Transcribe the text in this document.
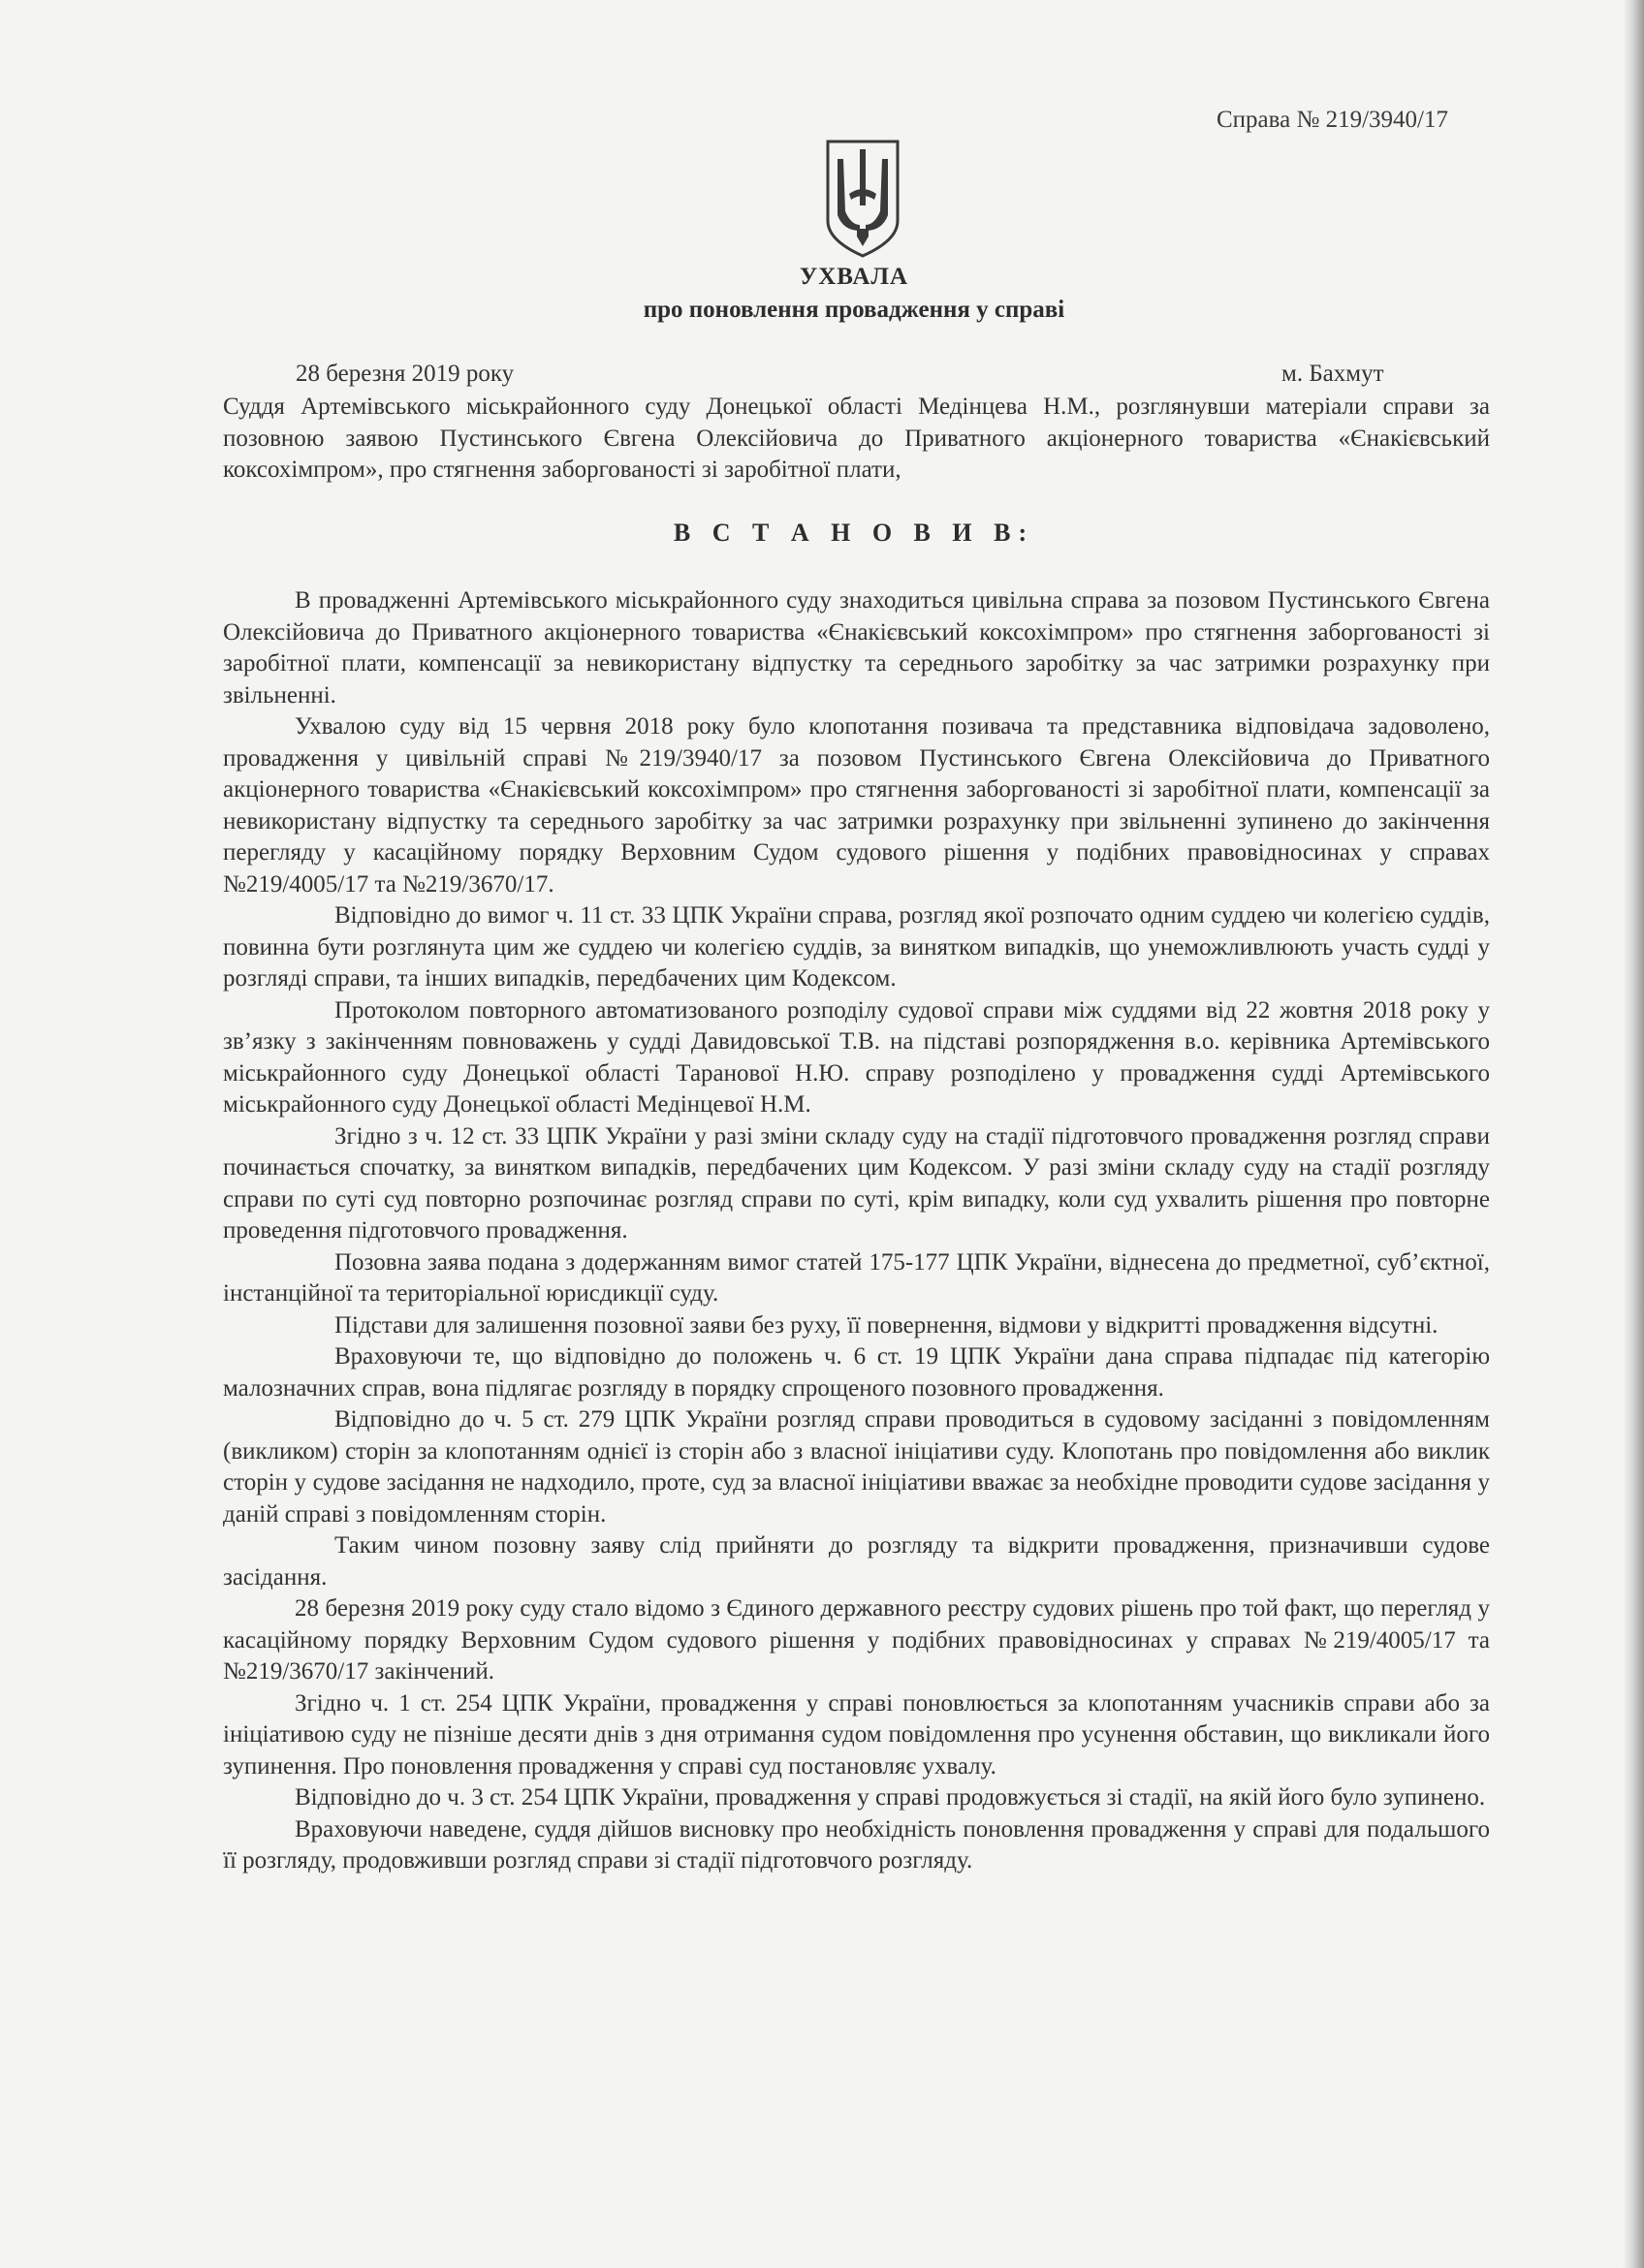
Справа № 219/3940/17
УХВАЛА
про поновлення провадження у справі
28 березня 2019 року	м. Бахмут
Суддя Артемівського міськрайонного суду Донецької області Медінцева Н.М., розглянувши матеріали справи за позовною заявою Пустинського Євгена Олексійовича до Приватного акціонерного товариства «Єнакієвський коксохімпром», про стягнення заборгованості зі заробітної плати,
В С Т А Н О В И В:

В провадженні Артемівського міськрайонного суду знаходиться цивільна справа за позовом Пустинського Євгена Олексійовича до Приватного акціонерного товариства «Єнакієвський коксохімпром» про стягнення заборгованості зі заробітної плати, компенсації за невикористану відпустку та середнього заробітку за час затримки розрахунку при звільненні.

Ухвалою суду від 15 червня 2018 року було клопотання позивача та представника відповідача задоволено, провадження у цивільній справі №219/3940/17 за позовом Пустинського Євгена Олексійовича до Приватного акціонерного товариства «Єнакієвський коксохімпром» про стягнення заборгованості зі заробітної плати, компенсації за невикористану відпустку та середнього заробітку за час затримки розрахунку при звільненні зупинено до закінчення перегляду у касаційному порядку Верховним Судом судового рішення у подібних правовідносинах у справах №219/4005/17 та №219/3670/17.

Відповідно до вимог ч. 11 ст. 33 ЦПК України справа, розгляд якої розпочато одним суддею чи колегією суддів, повинна бути розглянута цим же суддею чи колегією суддів, за винятком випадків, що унеможливлюють участь судді у розгляді справи, та інших випадків, передбачених цим Кодексом.

Протоколом повторного автоматизованого розподілу судової справи між суддями від 22 жовтня 2018 року у зв’язку з закінченням повноважень у судді Давидовської Т.В. на підставі розпорядження в.о. керівника Артемівського міськрайонного суду Донецької області Таранової Н.Ю. справу розподілено у провадження судді Артемівського міськрайонного суду Донецької області Медінцевої Н.М.

Згідно з ч. 12 ст. 33 ЦПК України у разі зміни складу суду на стадії підготовчого провадження розгляд справи починається спочатку, за винятком випадків, передбачених цим Кодексом. У разі зміни складу суду на стадії розгляду справи по суті суд повторно розпочинає розгляд справи по суті, крім випадку, коли суд ухвалить рішення про повторне проведення підготовчого провадження.

Позовна заява подана з додержанням вимог статей 175-177 ЦПК України, віднесена до предметної, суб’єктної, інстанційної та територіальної юрисдикції суду.

Підстави для залишення позовної заяви без руху, її повернення, відмови у відкритті провадження відсутні.

Враховуючи те, що відповідно до положень ч. 6 ст. 19 ЦПК України дана справа підпадає під категорію малозначних справ, вона підлягає розгляду в порядку спрощеного позовного провадження.

Відповідно до ч. 5 ст. 279 ЦПК України розгляд справи проводиться в судовому засіданні з повідомленням (викликом) сторін за клопотанням однієї із сторін або з власної ініціативи суду. Клопотань про повідомлення або виклик сторін у судове засідання не надходило, проте, суд за власної ініціативи вважає за необхідне проводити судове засідання у даній справі з повідомленням сторін.

Таким чином позовну заяву слід прийняти до розгляду та відкрити провадження, призначивши судове засідання.

28 березня 2019 року суду стало відомо з Єдиного державного реєстру судових рішень про той факт, що перегляд у касаційному порядку Верховним Судом судового рішення у подібних правовідносинах у справах №219/4005/17 та №219/3670/17 закінчений.

Згідно ч. 1 ст. 254 ЦПК України, провадження у справі поновлюється за клопотанням учасників справи або за ініціативою суду не пізніше десяти днів з дня отримання судом повідомлення про усунення обставин, що викликали його зупинення. Про поновлення провадження у справі суд постановляє ухвалу.

Відповідно до ч. 3 ст. 254 ЦПК України, провадження у справі продовжується зі стадії, на якій його було зупинено.

Враховуючи наведене, суддя дійшов висновку про необхідність поновлення провадження у справі для подальшого її розгляду, продовживши розгляд справи зі стадії підготовчого розгляду.
